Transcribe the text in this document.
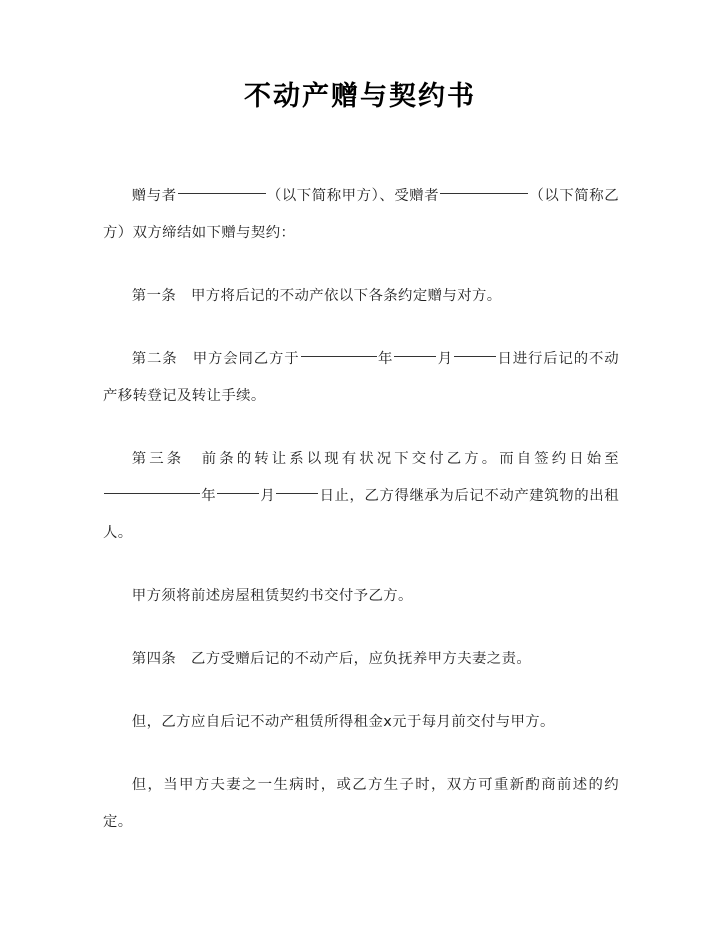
不动产赠与契约书

赠与者	（以下简称甲方）、受赠者	（以下简称乙方）双方缔结如下赠与契约：

第一条　甲方将后记的不动产依以下各条约定赠与对方。

第二条　甲方会同乙方于	年	月	日进行后记的不动产移转登记及转让手续。

第三条　前条的转让系以现有状况下交付乙方。而自签约日始至 年	月	日止，乙方得继承为后记不动产建筑物的出租人。

甲方须将前述房屋租赁契约书交付予乙方。

第四条　乙方受赠后记的不动产后，应负抚养甲方夫妻之责。

但，乙方应自后记不动产租赁所得租金x元于每月前交付与甲方。

但，当甲方夫妻之一生病时，或乙方生子时，双方可重新酌商前述的约定。
